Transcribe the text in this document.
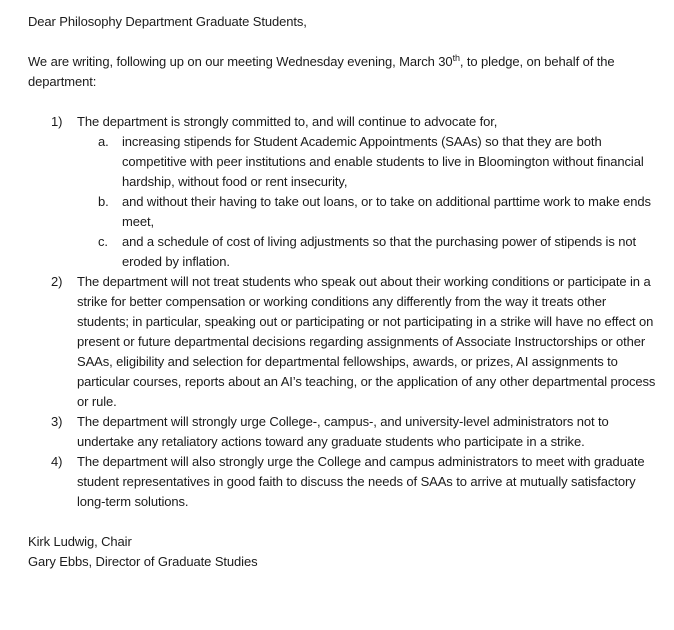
Dear Philosophy Department Graduate Students,

We are writing, following up on our meeting Wednesday evening, March 30th, to pledge, on behalf of the department:

1)	The department is strongly committed to, and will continue to advocate for,
a.	increasing stipends for Student Academic Appointments (SAAs) so that they are both competitive with peer institutions and enable students to live in Bloomington without financial hardship, without food or rent insecurity,
b.	and without their having to take out loans, or to take on additional parttime work to make ends meet,
c.	and a schedule of cost of living adjustments so that the purchasing power of stipends is not eroded by inflation.
2)	The department will not treat students who speak out about their working conditions or participate in a strike for better compensation or working conditions any differently from the way it treats other students; in particular, speaking out or participating or not participating in a strike will have no effect on present or future departmental decisions regarding assignments of Associate Instructorships or other SAAs, eligibility and selection for departmental fellowships, awards, or prizes, AI assignments to particular courses, reports about an AI’s teaching, or the application of any other departmental process or rule.
3)	The department will strongly urge College-, campus-, and university-level administrators not to undertake any retaliatory actions toward any graduate students who participate in a strike.
4)	The department will also strongly urge the College and campus administrators to meet with graduate student representatives in good faith to discuss the needs of SAAs to arrive at mutually satisfactory long-term solutions.

Kirk Ludwig, Chair

Gary Ebbs, Director of Graduate Studies
